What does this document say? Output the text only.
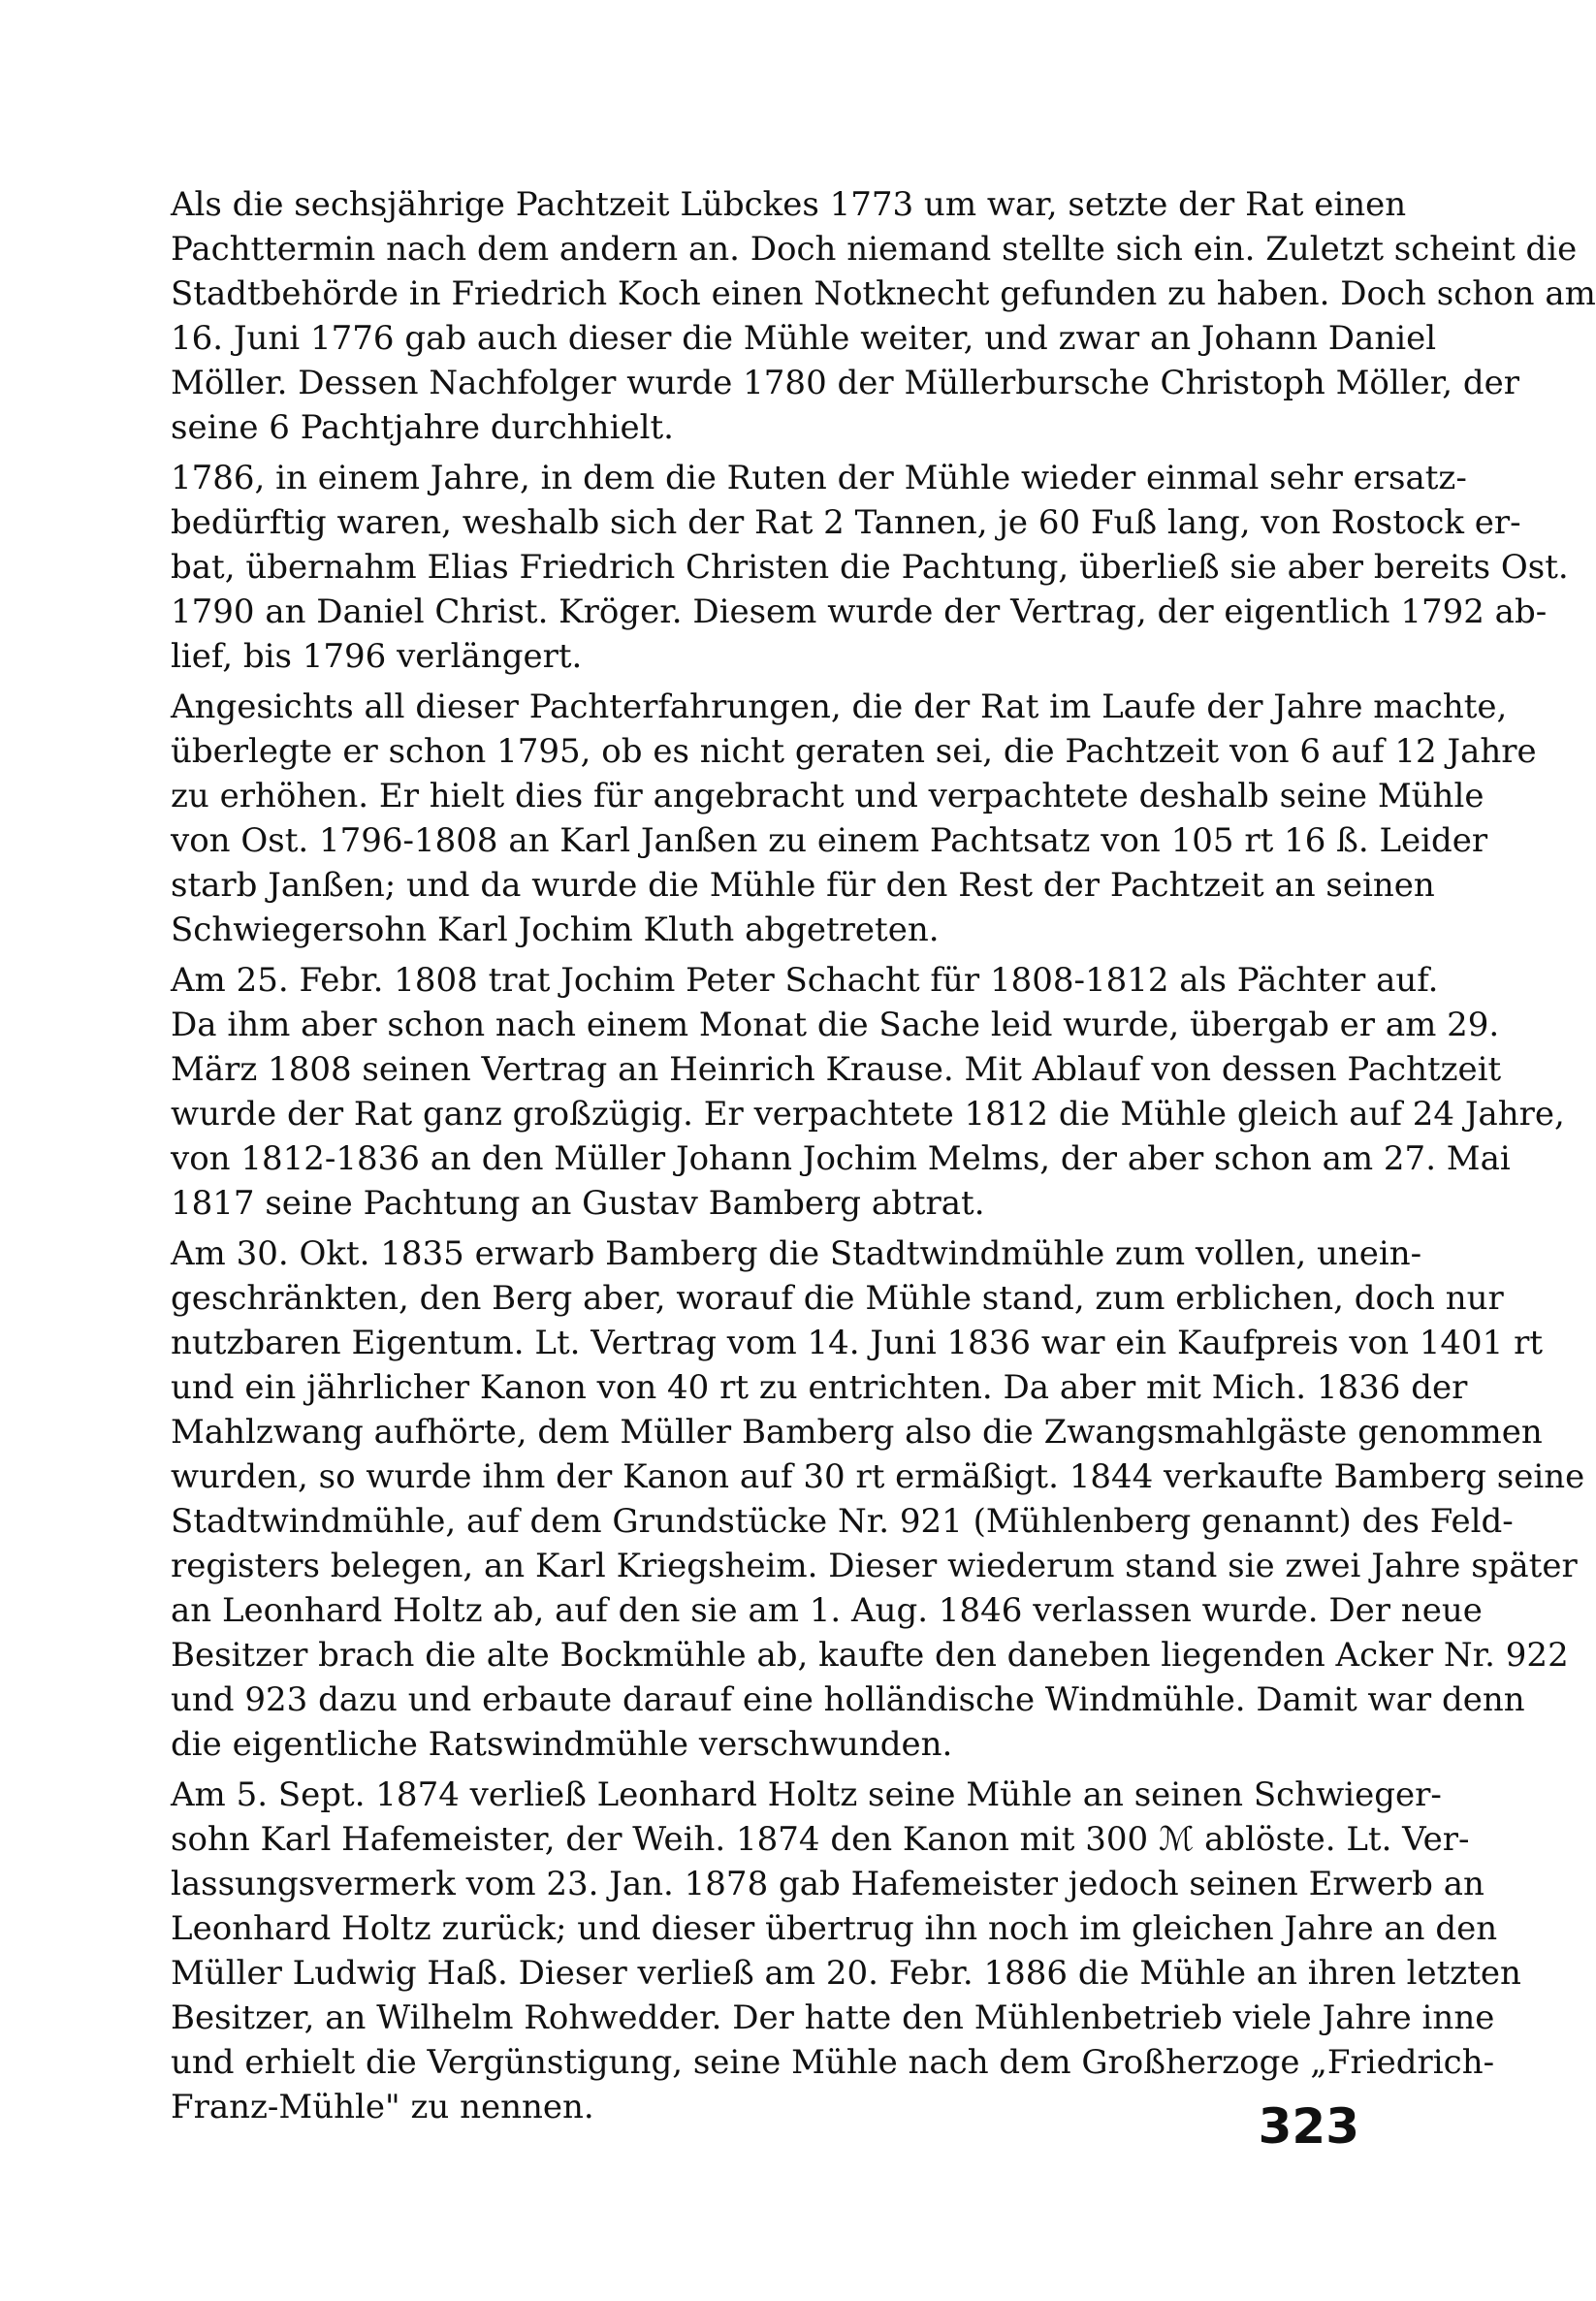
Als die sechsjährige Pachtzeit Lübckes 1773 um war, setzte der Rat einen
Pachttermin nach dem andern an. Doch niemand stellte sich ein. Zuletzt scheint die
Stadtbehörde in Friedrich Koch einen Notknecht gefunden zu haben. Doch schon am
16. Juni 1776 gab auch dieser die Mühle weiter, und zwar an Johann Daniel
Möller. Dessen Nachfolger wurde 1780 der Müllerbursche Christoph Möller, der
seine 6 Pachtjahre durchhielt.
1786, in einem Jahre, in dem die Ruten der Mühle wieder einmal sehr ersatz-
bedürftig waren, weshalb sich der Rat 2 Tannen, je 60 Fuß lang, von Rostock er-
bat, übernahm Elias Friedrich Christen die Pachtung, überließ sie aber bereits Ost.
1790 an Daniel Christ. Kröger. Diesem wurde der Vertrag, der eigentlich 1792 ab-
lief, bis 1796 verlängert.
Angesichts all dieser Pachterfahrungen, die der Rat im Laufe der Jahre machte,
überlegte er schon 1795, ob es nicht geraten sei, die Pachtzeit von 6 auf 12 Jahre
zu erhöhen. Er hielt dies für angebracht und verpachtete deshalb seine Mühle
von Ost. 1796-1808 an Karl Janßen zu einem Pachtsatz von 105 rt 16 ß. Leider
starb Janßen; und da wurde die Mühle für den Rest der Pachtzeit an seinen
Schwiegersohn Karl Jochim Kluth abgetreten.
Am 25. Febr. 1808 trat Jochim Peter Schacht für 1808-1812 als Pächter auf.
Da ihm aber schon nach einem Monat die Sache leid wurde, übergab er am 29.
März 1808 seinen Vertrag an Heinrich Krause. Mit Ablauf von dessen Pachtzeit
wurde der Rat ganz großzügig. Er verpachtete 1812 die Mühle gleich auf 24 Jahre,
von 1812-1836 an den Müller Johann Jochim Melms, der aber schon am 27. Mai
1817 seine Pachtung an Gustav Bamberg abtrat.
Am 30. Okt. 1835 erwarb Bamberg die Stadtwindmühle zum vollen, unein-
geschränkten, den Berg aber, worauf die Mühle stand, zum erblichen, doch nur
nutzbaren Eigentum. Lt. Vertrag vom 14. Juni 1836 war ein Kaufpreis von 1401 rt
und ein jährlicher Kanon von 40 rt zu entrichten. Da aber mit Mich. 1836 der
Mahlzwang aufhörte, dem Müller Bamberg also die Zwangsmahlgäste genommen
wurden, so wurde ihm der Kanon auf 30 rt ermäßigt. 1844 verkaufte Bamberg seine
Stadtwindmühle, auf dem Grundstücke Nr. 921 (Mühlenberg genannt) des Feld-
registers belegen, an Karl Kriegsheim. Dieser wiederum stand sie zwei Jahre später
an Leonhard Holtz ab, auf den sie am 1. Aug. 1846 verlassen wurde. Der neue
Besitzer brach die alte Bockmühle ab, kaufte den daneben liegenden Acker Nr. 922
und 923 dazu und erbaute darauf eine holländische Windmühle. Damit war denn
die eigentliche Ratswindmühle verschwunden.
Am 5. Sept. 1874 verließ Leonhard Holtz seine Mühle an seinen Schwieger-
sohn Karl Hafemeister, der Weih. 1874 den Kanon mit 300 ℳ ablöste. Lt. Ver-
lassungsvermerk vom 23. Jan. 1878 gab Hafemeister jedoch seinen Erwerb an
Leonhard Holtz zurück; und dieser übertrug ihn noch im gleichen Jahre an den
Müller Ludwig Haß. Dieser verließ am 20. Febr. 1886 die Mühle an ihren letzten
Besitzer, an Wilhelm Rohwedder. Der hatte den Mühlenbetrieb viele Jahre inne
und erhielt die Vergünstigung, seine Mühle nach dem Großherzoge „Friedrich-
Franz-Mühle" zu nennen.	323
